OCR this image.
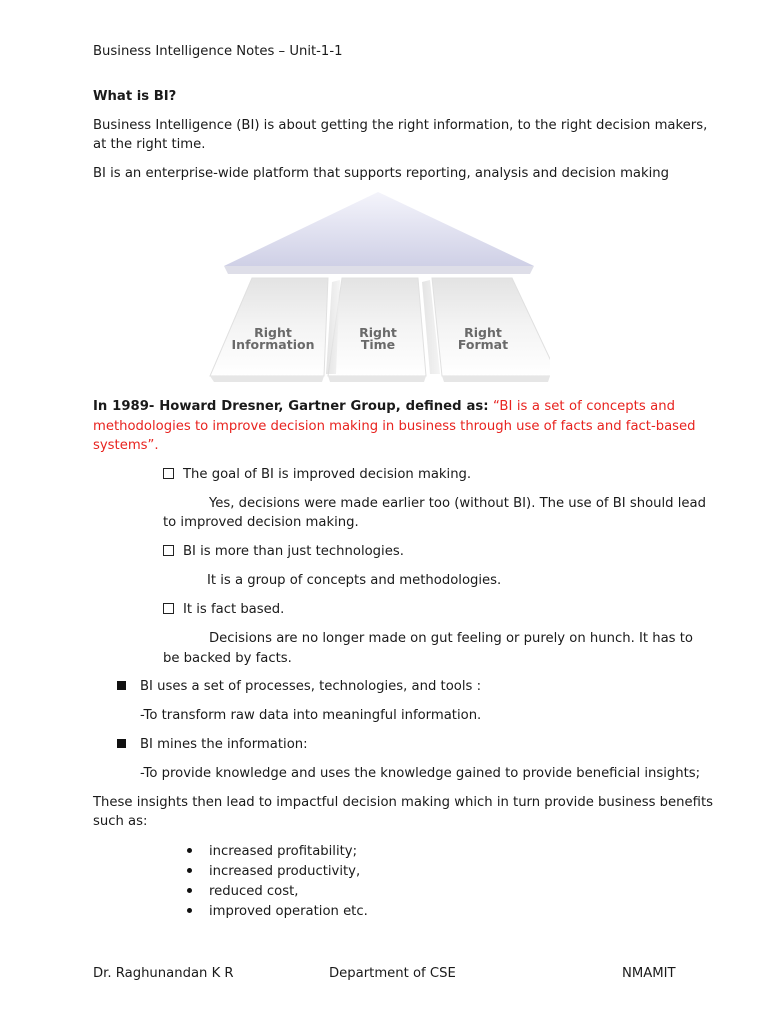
Business Intelligence Notes – Unit-1-1
What is BI?
Business Intelligence (BI) is about getting the right information, to the right decision makers,
at the right time.
BI is an enterprise-wide platform that supports reporting, analysis and decision making
Right
Information
Right
Time
Right
Format
In 1989- Howard Dresner, Gartner Group, defined as: “BI is a set of concepts and
methodologies to improve decision making in business through use of facts and fact-based
systems”.
The goal of BI is improved decision making.
Yes, decisions were made earlier too (without BI). The use of BI should lead
to improved decision making.
BI is more than just technologies.
It is a group of concepts and methodologies.
It is fact based.
Decisions are no longer made on gut feeling or purely on hunch. It has to
be backed by facts.
BI uses a set of processes, technologies, and tools :
-To transform raw data into meaningful information.
BI mines the information:
-To provide knowledge and uses the knowledge gained to provide beneficial insights;
These insights then lead to impactful decision making which in turn provide business benefits
such as:
increased profitability;
increased productivity,
reduced cost,
improved operation etc.
Dr. Raghunandan K R	Department of CSE	NMAMIT
